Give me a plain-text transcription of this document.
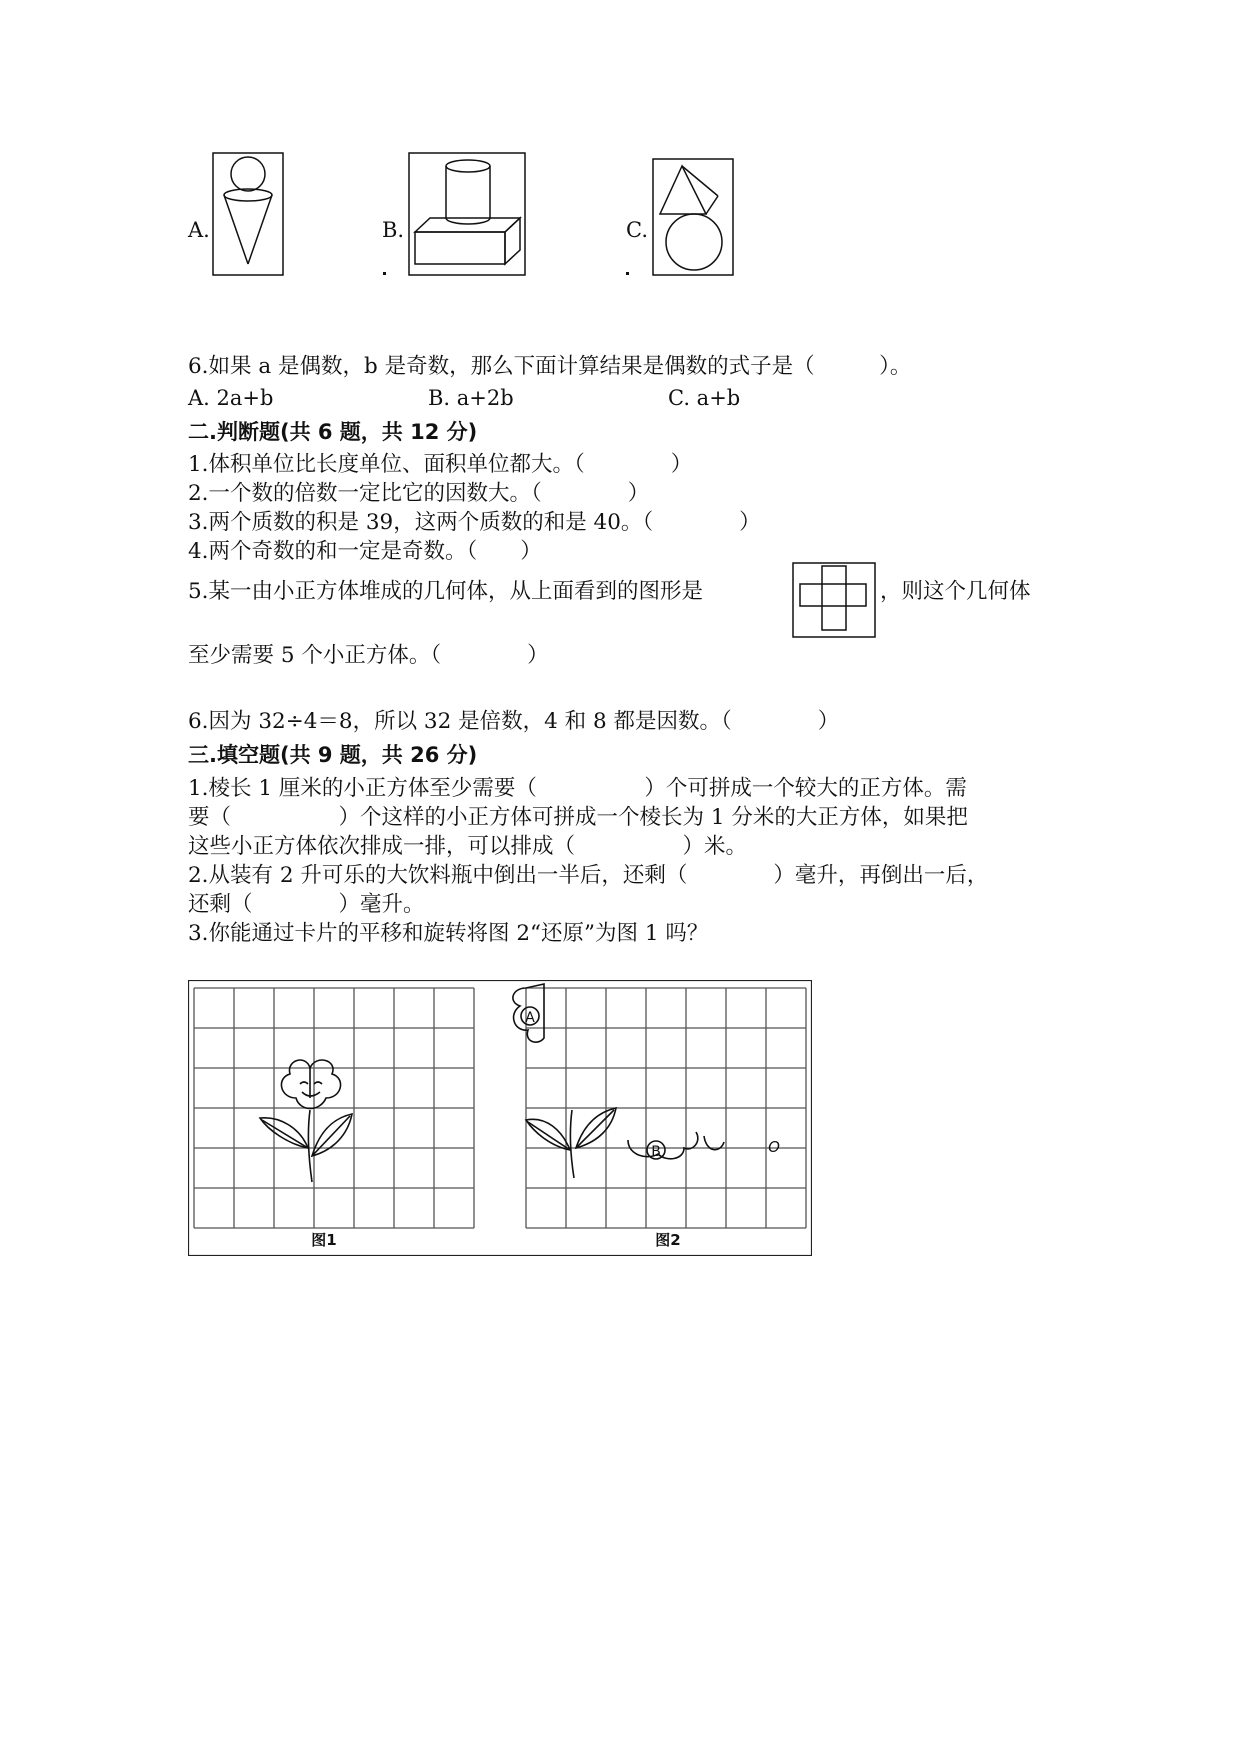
A.	B.	C.
6.如果 a 是偶数，b 是奇数，那么下面计算结果是偶数的式子是（　　　）。
A. 2a+b	B. a+2b	C. a+b
二.判断题(共 6 题，共 12 分)
1.体积单位比长度单位、面积单位都大。（　　　　）
2.一个数的倍数一定比它的因数大。（　　　　）
3.两个质数的积是 39，这两个质数的和是 40。（　　　　）
4.两个奇数的和一定是奇数。（　　）
5.某一由小正方体堆成的几何体，从上面看到的图形是	，则这个几何体
至少需要 5 个小正方体。（　　　　）
6.因为 32÷4＝8，所以 32 是倍数，4 和 8 都是因数。（　　　　）
三.填空题(共 9 题，共 26 分)
1.棱长 1 厘米的小正方体至少需要（　　　　　）个可拼成一个较大的正方体。需
要（　　　　　）个这样的小正方体可拼成一个棱长为 1 分米的大正方体，如果把
这些小正方体依次排成一排，可以排成（　　　　　）米。
2.从装有 2 升可乐的大饮料瓶中倒出一半后，还剩（　　　　）毫升，再倒出一后，
还剩（　　　　）毫升。
3.你能通过卡片的平移和旋转将图 2“还原”为图 1 吗？
A
B	O
图1	图2
